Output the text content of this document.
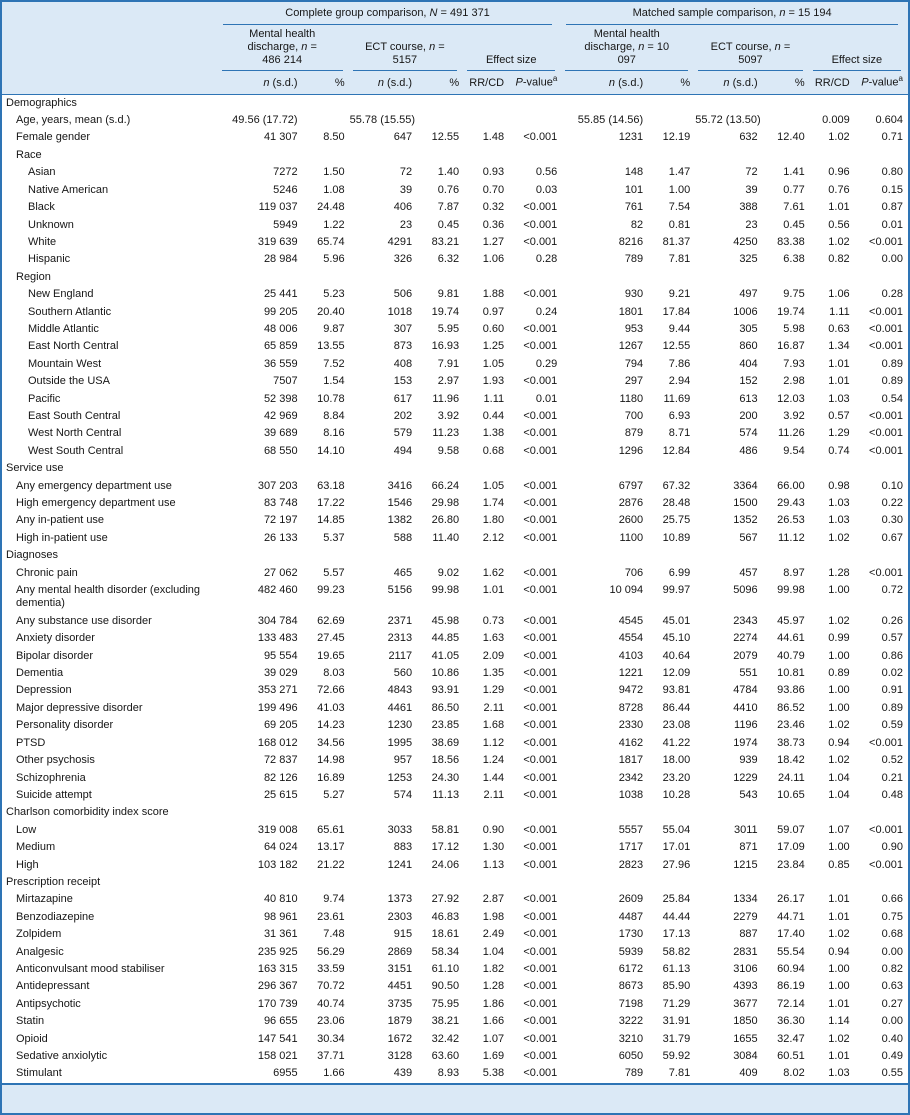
	Complete group comparison, N = 491 371						Matched sample comparison, n = 15 194					

	Mental health discharge, n = 486 214		ECT course, n = 5157		Effect size		Mental health discharge, n = 10 097		ECT course, n = 5097		Effect size	

	n (s.d.)	%	n (s.d.)	%	RR/CD	P-value$^a$	n (s.d.)	%	n (s.d.)	%	RR/CD	P-value$^a$
Demographics												
Age, years, mean (s.d.)	49.56 (17.72)		55.78 (15.55)				55.85 (14.56)		55.72 (13.50)		0.009	0.604
Female gender	41 307	8.50	647	12.55	1.48	<0.001	1231	12.19	632	12.40	1.02	0.71
Race												
Asian	7272	1.50	72	1.40	0.93	0.56	148	1.47	72	1.41	0.96	0.80
Native American	5246	1.08	39	0.76	0.70	0.03	101	1.00	39	0.77	0.76	0.15
Black	119 037	24.48	406	7.87	0.32	<0.001	761	7.54	388	7.61	1.01	0.87
Unknown	5949	1.22	23	0.45	0.36	<0.001	82	0.81	23	0.45	0.56	0.01
White	319 639	65.74	4291	83.21	1.27	<0.001	8216	81.37	4250	83.38	1.02	<0.001
Hispanic	28 984	5.96	326	6.32	1.06	0.28	789	7.81	325	6.38	0.82	0.00
Region												
New England	25 441	5.23	506	9.81	1.88	<0.001	930	9.21	497	9.75	1.06	0.28
Southern Atlantic	99 205	20.40	1018	19.74	0.97	0.24	1801	17.84	1006	19.74	1.11	<0.001
Middle Atlantic	48 006	9.87	307	5.95	0.60	<0.001	953	9.44	305	5.98	0.63	<0.001
East North Central	65 859	13.55	873	16.93	1.25	<0.001	1267	12.55	860	16.87	1.34	<0.001
Mountain West	36 559	7.52	408	7.91	1.05	0.29	794	7.86	404	7.93	1.01	0.89
Outside the USA	7507	1.54	153	2.97	1.93	<0.001	297	2.94	152	2.98	1.01	0.89
Pacific	52 398	10.78	617	11.96	1.11	0.01	1180	11.69	613	12.03	1.03	0.54
East South Central	42 969	8.84	202	3.92	0.44	<0.001	700	6.93	200	3.92	0.57	<0.001
West North Central	39 689	8.16	579	11.23	1.38	<0.001	879	8.71	574	11.26	1.29	<0.001
West South Central	68 550	14.10	494	9.58	0.68	<0.001	1296	12.84	486	9.54	0.74	<0.001
Service use												
Any emergency department use	307 203	63.18	3416	66.24	1.05	<0.001	6797	67.32	3364	66.00	0.98	0.10
High emergency department use	83 748	17.22	1546	29.98	1.74	<0.001	2876	28.48	1500	29.43	1.03	0.22
Any in-patient use	72 197	14.85	1382	26.80	1.80	<0.001	2600	25.75	1352	26.53	1.03	0.30
High in-patient use	26 133	5.37	588	11.40	2.12	<0.001	1100	10.89	567	11.12	1.02	0.67
Diagnoses												
Chronic pain	27 062	5.57	465	9.02	1.62	<0.001	706	6.99	457	8.97	1.28	<0.001
Any mental health disorder (excluding dementia)	482 460	99.23	5156	99.98	1.01	<0.001	10 094	99.97	5096	99.98	1.00	0.72
Any substance use disorder	304 784	62.69	2371	45.98	0.73	<0.001	4545	45.01	2343	45.97	1.02	0.26
Anxiety disorder	133 483	27.45	2313	44.85	1.63	<0.001	4554	45.10	2274	44.61	0.99	0.57
Bipolar disorder	95 554	19.65	2117	41.05	2.09	<0.001	4103	40.64	2079	40.79	1.00	0.86
Dementia	39 029	8.03	560	10.86	1.35	<0.001	1221	12.09	551	10.81	0.89	0.02
Depression	353 271	72.66	4843	93.91	1.29	<0.001	9472	93.81	4784	93.86	1.00	0.91
Major depressive disorder	199 496	41.03	4461	86.50	2.11	<0.001	8728	86.44	4410	86.52	1.00	0.89
Personality disorder	69 205	14.23	1230	23.85	1.68	<0.001	2330	23.08	1196	23.46	1.02	0.59
PTSD	168 012	34.56	1995	38.69	1.12	<0.001	4162	41.22	1974	38.73	0.94	<0.001
Other psychosis	72 837	14.98	957	18.56	1.24	<0.001	1817	18.00	939	18.42	1.02	0.52
Schizophrenia	82 126	16.89	1253	24.30	1.44	<0.001	2342	23.20	1229	24.11	1.04	0.21
Suicide attempt	25 615	5.27	574	11.13	2.11	<0.001	1038	10.28	543	10.65	1.04	0.48
Charlson comorbidity index score												
Low	319 008	65.61	3033	58.81	0.90	<0.001	5557	55.04	3011	59.07	1.07	<0.001
Medium	64 024	13.17	883	17.12	1.30	<0.001	1717	17.01	871	17.09	1.00	0.90
High	103 182	21.22	1241	24.06	1.13	<0.001	2823	27.96	1215	23.84	0.85	<0.001
Prescription receipt												
Mirtazapine	40 810	9.74	1373	27.92	2.87	<0.001	2609	25.84	1334	26.17	1.01	0.66
Benzodiazepine	98 961	23.61	2303	46.83	1.98	<0.001	4487	44.44	2279	44.71	1.01	0.75
Zolpidem	31 361	7.48	915	18.61	2.49	<0.001	1730	17.13	887	17.40	1.02	0.68
Analgesic	235 925	56.29	2869	58.34	1.04	<0.001	5939	58.82	2831	55.54	0.94	0.00
Anticonvulsant mood stabiliser	163 315	33.59	3151	61.10	1.82	<0.001	6172	61.13	3106	60.94	1.00	0.82
Antidepressant	296 367	70.72	4451	90.50	1.28	<0.001	8673	85.90	4393	86.19	1.00	0.63
Antipsychotic	170 739	40.74	3735	75.95	1.86	<0.001	7198	71.29	3677	72.14	1.01	0.27
Statin	96 655	23.06	1879	38.21	1.66	<0.001	3222	31.91	1850	36.30	1.14	0.00
Opioid	147 541	30.34	1672	32.42	1.07	<0.001	3210	31.79	1655	32.47	1.02	0.40
Sedative anxiolytic	158 021	37.71	3128	63.60	1.69	<0.001	6050	59.92	3084	60.51	1.01	0.49
Stimulant	6955	1.66	439	8.93	5.38	<0.001	789	7.81	409	8.02	1.03	0.55
